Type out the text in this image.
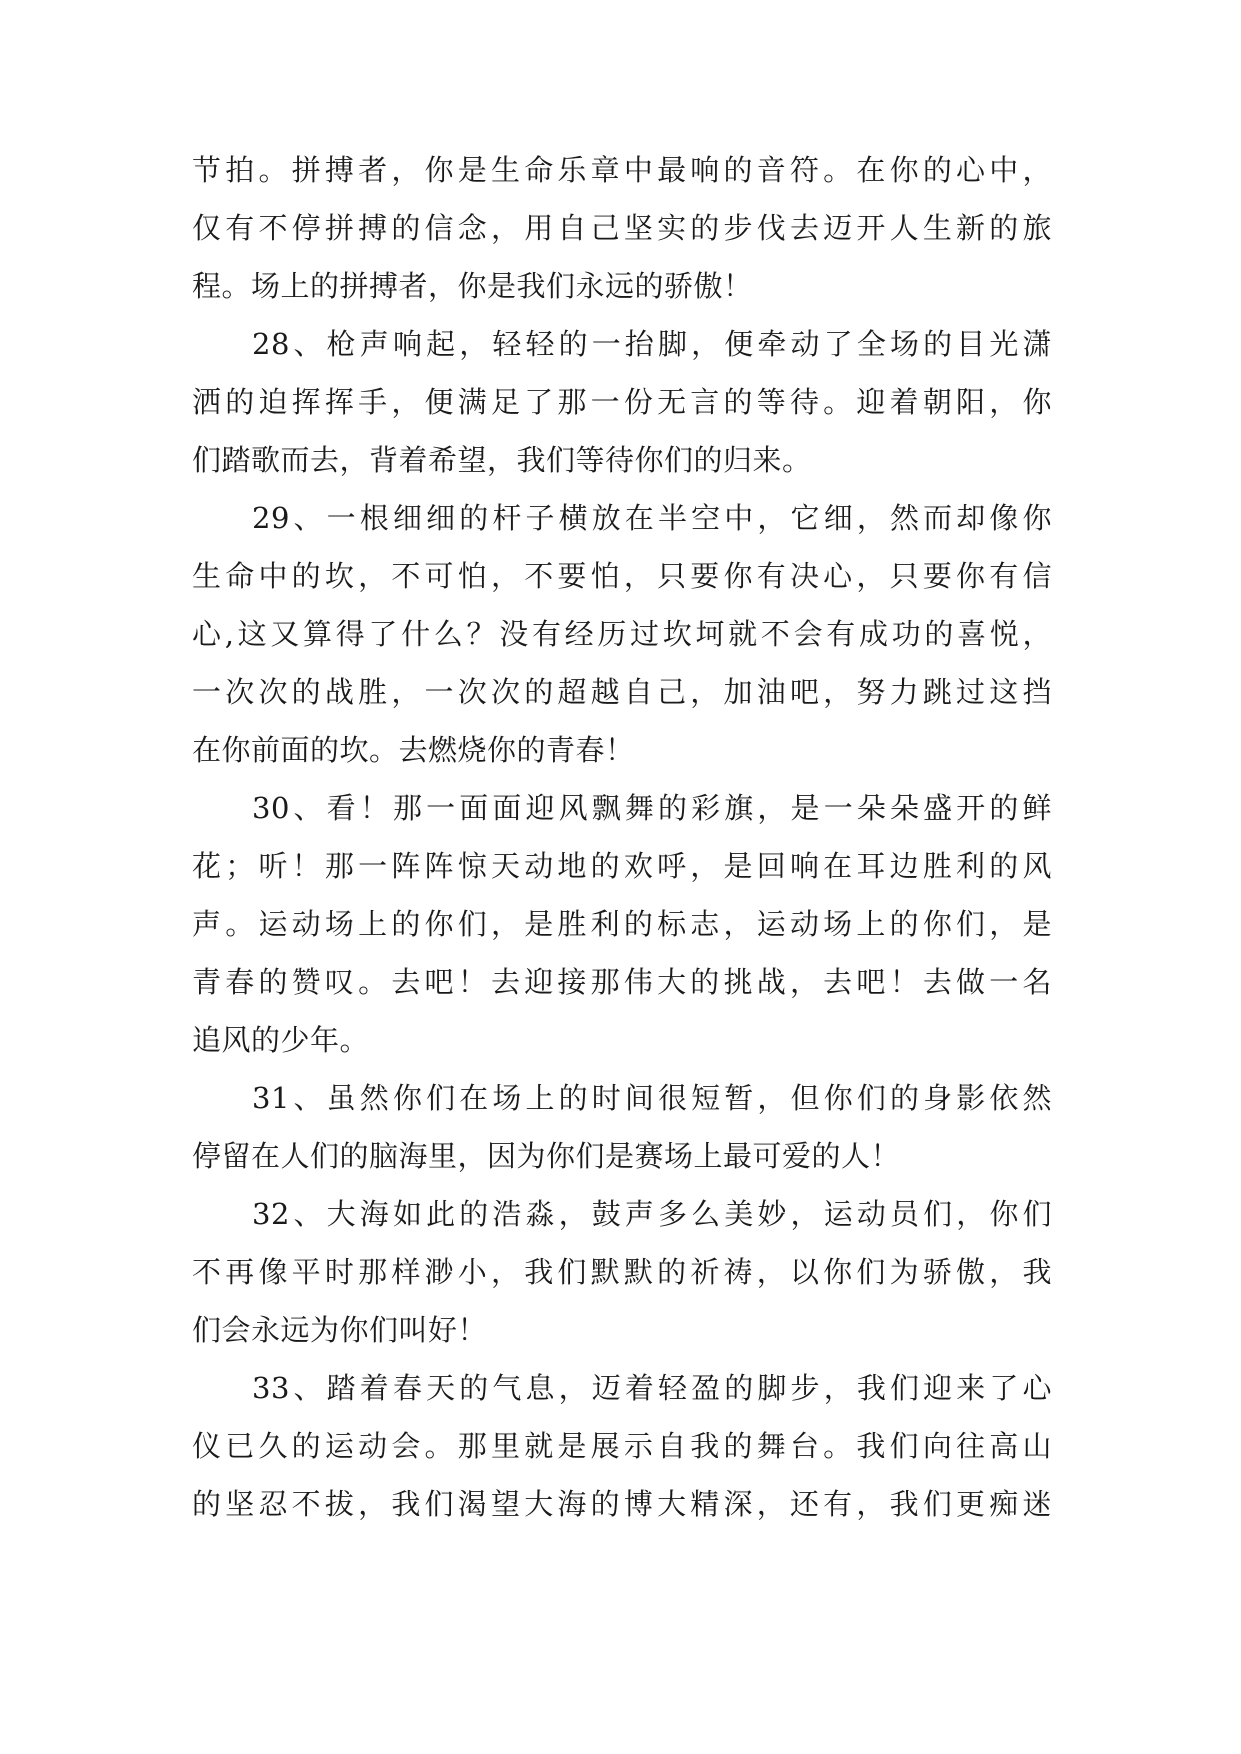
节拍。拼搏者，你是生命乐章中最响的音符。在你的心中，
仅有不停拼搏的信念，用自己坚实的步伐去迈开人生新的旅
程。场上的拼搏者，你是我们永远的骄傲！
28、枪声响起，轻轻的一抬脚，便牵动了全场的目光潇
洒的迫挥挥手，便满足了那一份无言的等待。迎着朝阳，你
们踏歌而去，背着希望，我们等待你们的归来。
29、一根细细的杆子横放在半空中，它细，然而却像你
生命中的坎，不可怕，不要怕，只要你有决心，只要你有信
心,这又算得了什么？没有经历过坎坷就不会有成功的喜悦，
一次次的战胜，一次次的超越自己，加油吧，努力跳过这挡
在你前面的坎。去燃烧你的青春！
30、看！那一面面迎风飘舞的彩旗，是一朵朵盛开的鲜
花；听！那一阵阵惊天动地的欢呼，是回响在耳边胜利的风
声。运动场上的你们，是胜利的标志，运动场上的你们，是
青春的赞叹。去吧！去迎接那伟大的挑战，去吧！去做一名
追风的少年。
31、虽然你们在场上的时间很短暂，但你们的身影依然
停留在人们的脑海里，因为你们是赛场上最可爱的人！
32、大海如此的浩淼，鼓声多么美妙，运动员们，你们
不再像平时那样渺小，我们默默的祈祷，以你们为骄傲，我
们会永远为你们叫好！
33、踏着春天的气息，迈着轻盈的脚步，我们迎来了心
仪已久的运动会。那里就是展示自我的舞台。我们向往高山
的坚忍不拔，我们渴望大海的博大精深，还有，我们更痴迷
